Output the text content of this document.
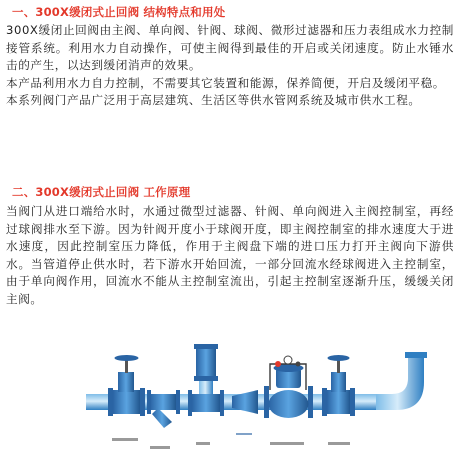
一、300X缓闭式止回阀 结构特点和用处

300X缓闭止回阀由主阀、单向阀、针阀、球阀、微形过滤器和压力表组成水力控制接管系统。利用水力自动操作，可使主阀得到最佳的开启或关闭速度。防止水锤水击的产生，以达到缓闭消声的效果。

本产品利用水力自力控制，不需要其它装置和能源，保养简便，开启及缓闭平稳。

本系列阀门产品广泛用于高层建筑、生活区等供水管网系统及城市供水工程。

二、300X缓闭式止回阀 工作原理

当阀门从进口端给水时，水通过微型过滤器、针阀、单向阀进入主阀控制室，再经过球阀排水至下游。因为针阀开度小于球阀开度，即主阀控制室的排水速度大于进水速度，因此控制室压力降低，作用于主阀盘下端的进口压力打开主阀向下游供水。当管道停止供水时，若下游水开始回流，一部分回流水经球阀进入主控制室，由于单向阀作用，回流水不能从主控制室流出，引起主控制室逐渐升压，缓缓关闭主阀。
